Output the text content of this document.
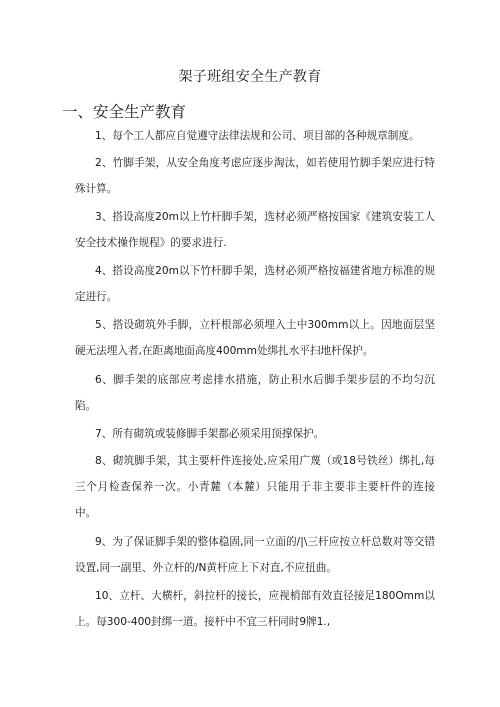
架子班组安全生产教育
一、安全生产教育
1、每个工人都应自觉遵守法律法规和公司、项目部的各种规章制度。
2、竹脚手架，从安全角度考虑应逐步淘汰，如若使用竹脚手架应进行特殊计算。
3、搭设高度20m以上竹杆脚手架，选材必须严格按国家《建筑安装工人安全技术操作规程》的要求进行.
4、搭设高度20m以下竹杆脚手架，选材必须严格按福建省地方标准的规定进行。
5、搭设砌筑外手脚，立杆根部必须埋入土中300mm以上。因地面层坚硬无法埋入者,在距离地面高度400mm处绑扎水平扫地杆保护。
6、脚手架的底部应考虑排水措施，防止积水后脚手架步层的不均匀沉陷。
7、所有砌筑或装修脚手架都必须采用顶撑保护。
8、砌筑脚手架，其主要杆件连接处,应采用广蔑（或18号铁丝）绑扎,每三个月检查保养一次。小青麓（本麓）只能用于非主要非主要杆件的连接中。
9、为了保证脚手架的整体稳固,同一立面的/|\三杆应按立杆总数对等交错设置,同一副里、外立杆的/N黄杆应上下对直,不应扭曲。
10、立杆、大横杆，斜拉杆的接长，应视梢部有效直径接足180Omm以上。每300-400封绑一道。接杆中不宜三杆同时9牌1.,
